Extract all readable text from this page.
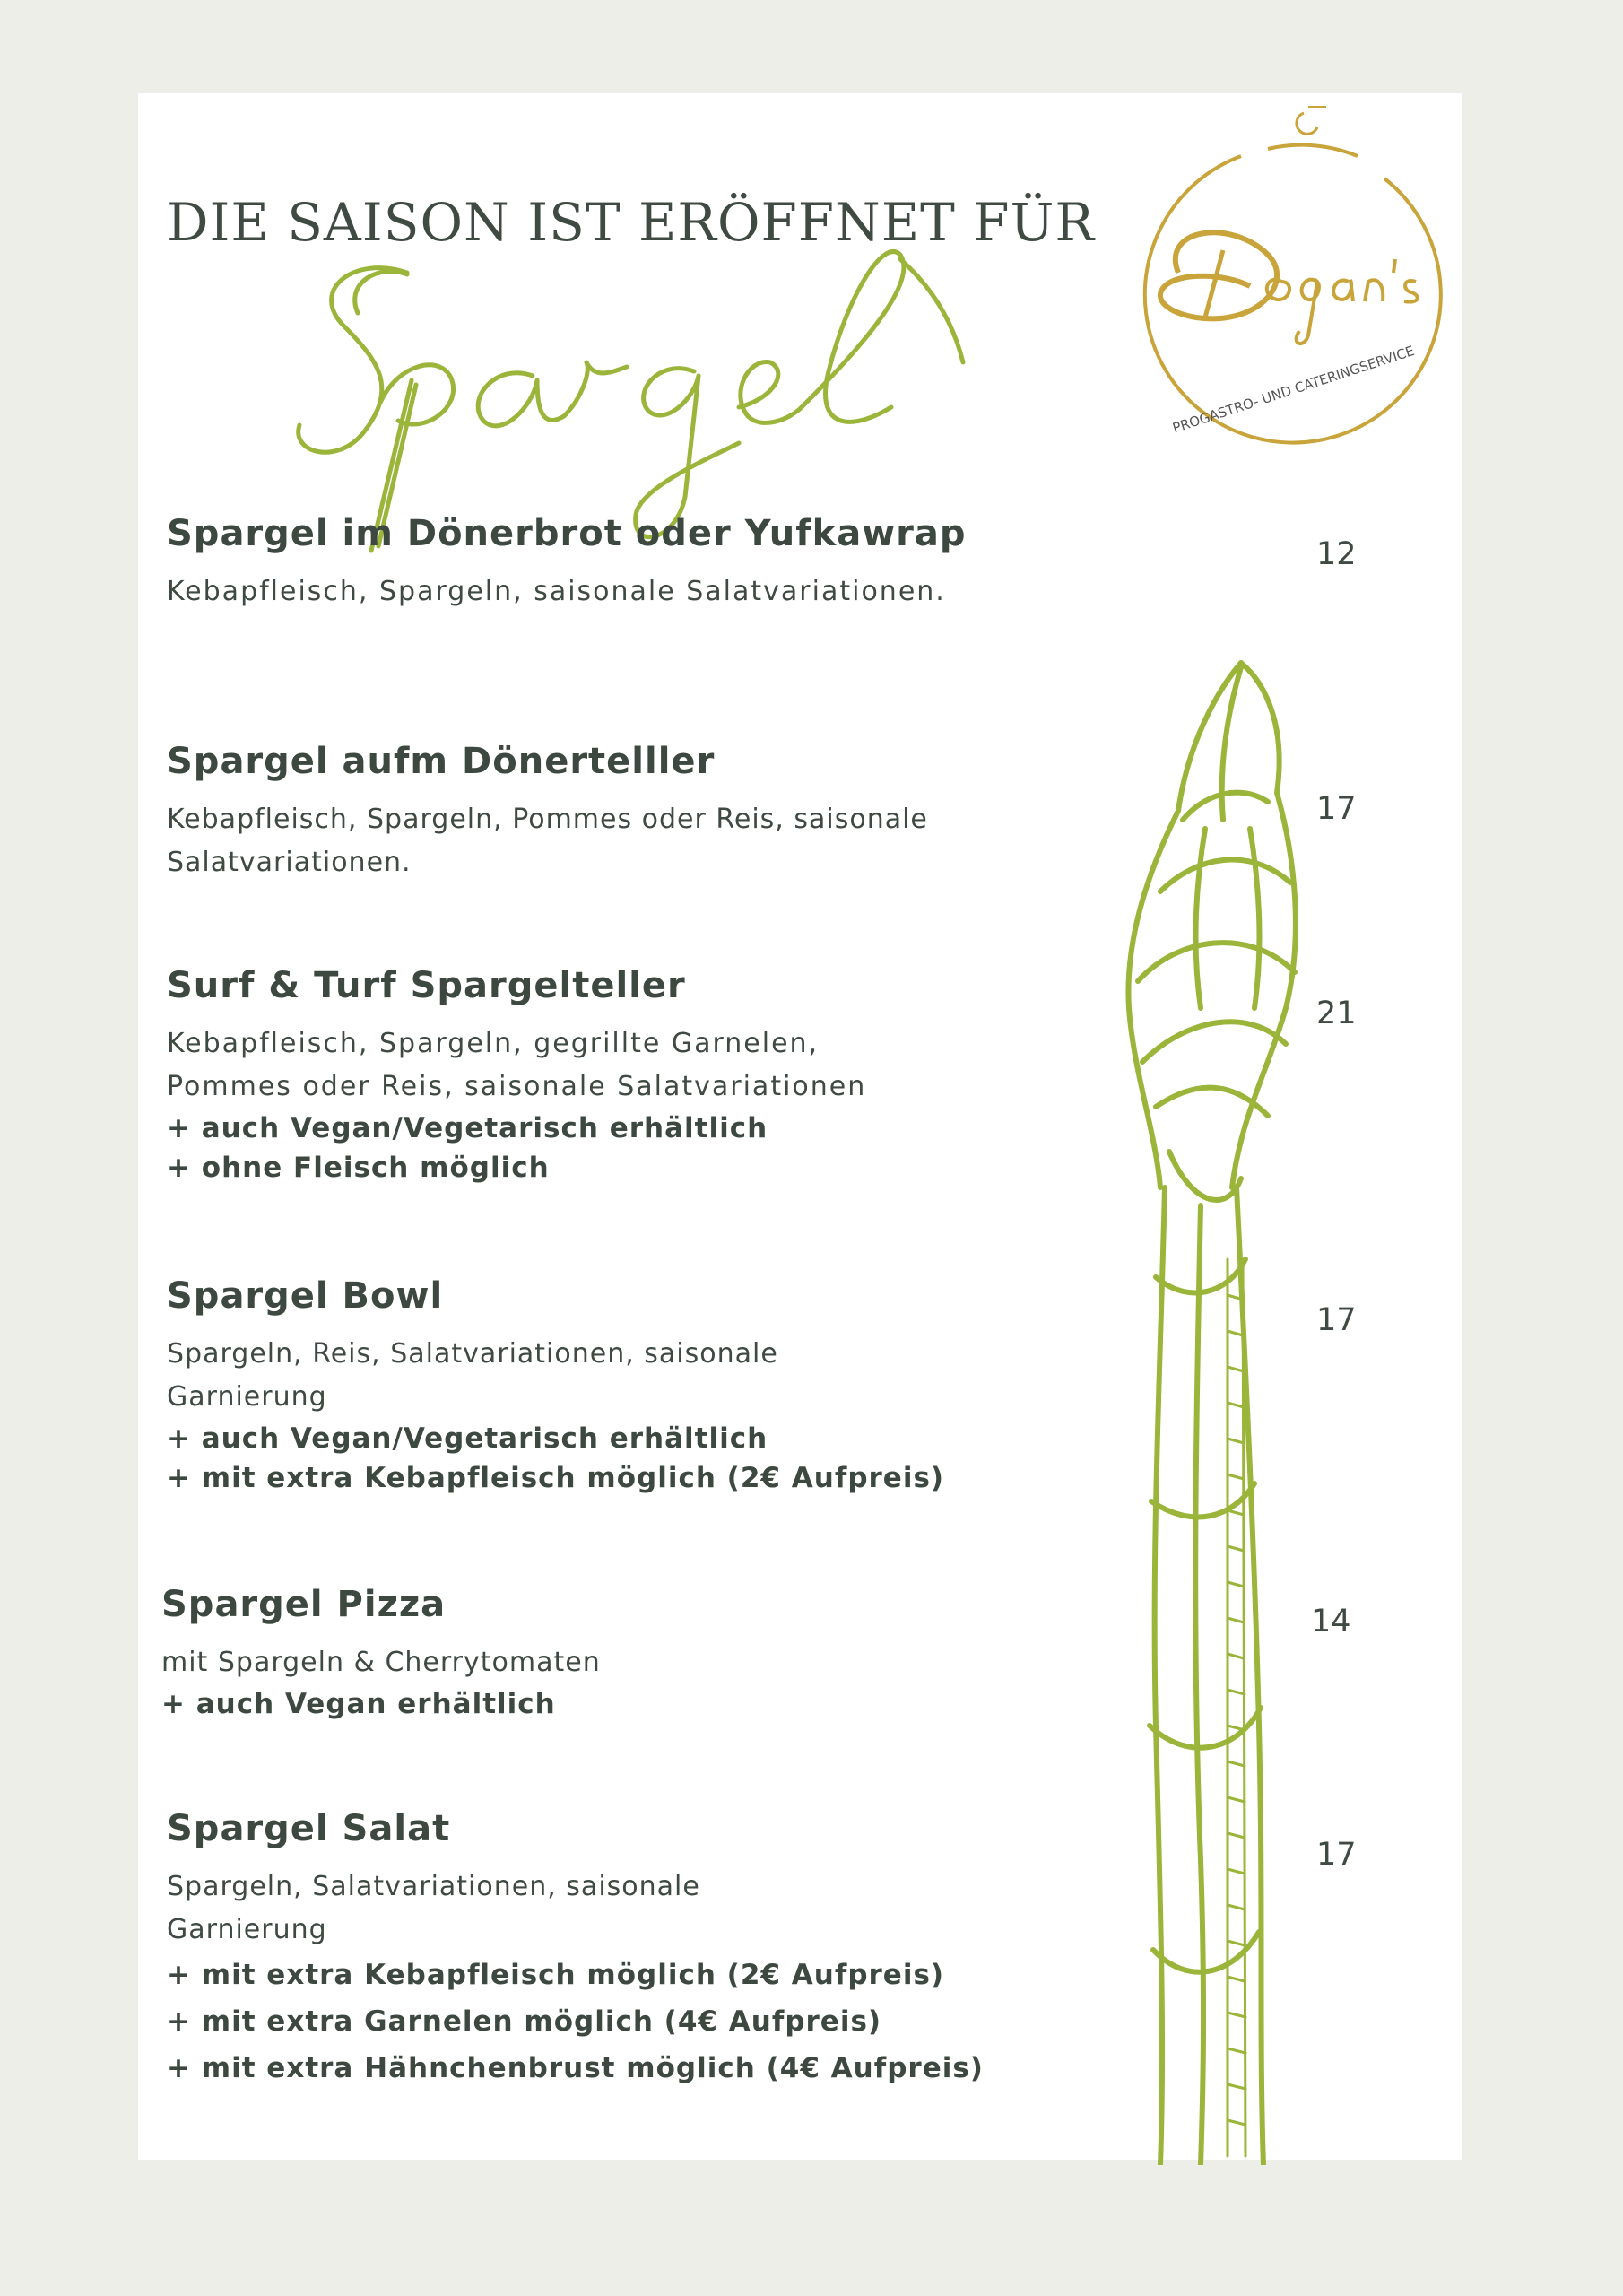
DIE SAISON IST ERÖFFNET FÜR
PROGASTRO- UND CATERINGSERVICE
Spargel im Dönerbrot oder Yufkawrap
Kebapfleisch, Spargeln, saisonale Salatvariationen.
12
Spargel aufm Dönertelller
Kebapfleisch, Spargeln, Pommes oder Reis, saisonale Salatvariationen.
17
Surf & Turf Spargelteller
Kebapfleisch, Spargeln, gegrillte Garnelen, Pommes oder Reis, saisonale Salatvariationen
+ auch Vegan/Vegetarisch erhältlich
+ ohne Fleisch möglich
21
Spargel Bowl
Spargeln, Reis, Salatvariationen, saisonale Garnierung
+ auch Vegan/Vegetarisch erhältlich
+ mit extra Kebapfleisch möglich (2€ Aufpreis)
17
Spargel Pizza
mit Spargeln & Cherrytomaten
+ auch Vegan erhältlich
14
Spargel Salat
Spargeln, Salatvariationen, saisonale Garnierung
+ mit extra Kebapfleisch möglich (2€ Aufpreis)
+ mit extra Garnelen möglich (4€ Aufpreis)
+ mit extra Hähnchenbrust möglich (4€ Aufpreis)
17
